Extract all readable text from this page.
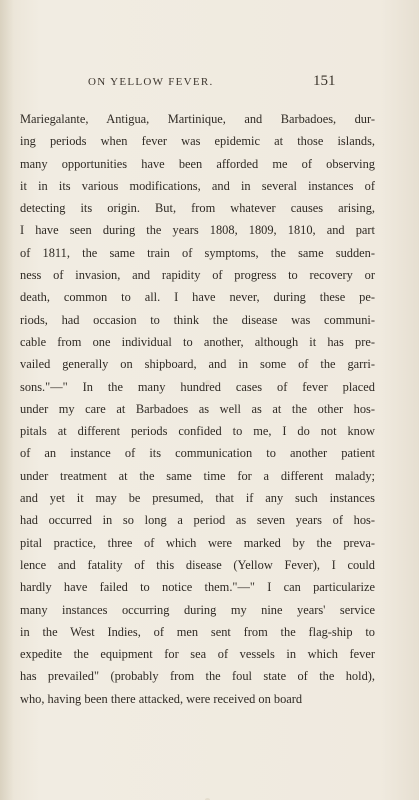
ON YELLOW FEVER.	151
Mariegalante, Antigua, Martinique, and Barbadoes, dur-
ing periods when fever was epidemic at those islands,
many opportunities have been afforded me of observing
it in its various modifications, and in several instances of
detecting its origin. But, from whatever causes arising,
I have seen during the years 1808, 1809, 1810, and part
of 1811, the same train of symptoms, the same sudden-
ness of invasion, and rapidity of progress to recovery or
death, common to all. I have never, during these pe-
riods, had occasion to think the disease was communi-
cable from one individual to another, although it has pre-
vailed generally on shipboard, and in some of the garri-
sons."—" In the many hundred cases of fever placed
under my care at Barbadoes as well as at the other hos-
pitals at different periods confided to me, I do not know
of an instance of its communication to another patient
under treatment at the same time for a different malady;
and yet it may be presumed, that if any such instances
had occurred in so long a period as seven years of hos-
pital practice, three of which were marked by the preva-
lence and fatality of this disease (Yellow Fever), I could
hardly have failed to notice them."—" I can particularize
many instances occurring during my nine years' service
in the West Indies, of men sent from the flag-ship to
expedite the equipment for sea of vessels in which fever
has prevailed" (probably from the foul state of the hold),
who, having been there attacked, were received on board
